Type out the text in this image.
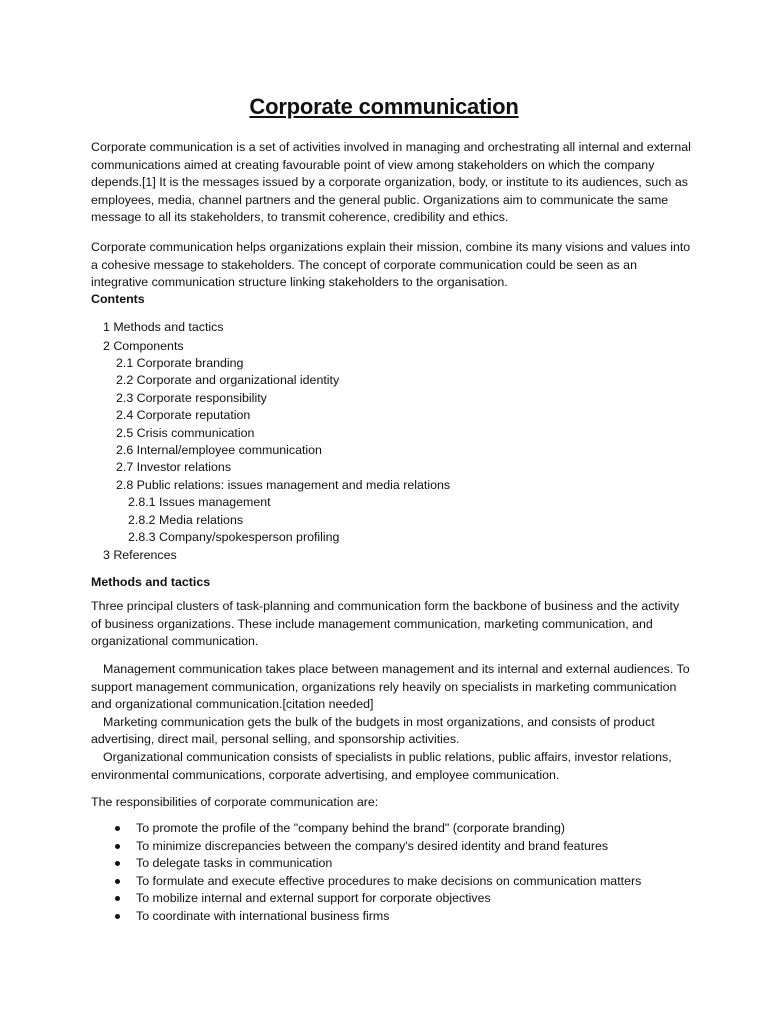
Corporate communication
Corporate communication is a set of activities involved in managing and orchestrating all internal and external communications aimed at creating favourable point of view among stakeholders on which the company depends.[1] It is the messages issued by a corporate organization, body, or institute to its audiences, such as employees, media, channel partners and the general public. Organizations aim to communicate the same message to all its stakeholders, to transmit coherence, credibility and ethics.
Corporate communication helps organizations explain their mission, combine its many visions and values into a cohesive message to stakeholders. The concept of corporate communication could be seen as an integrative communication structure linking stakeholders to the organisation.
Contents
1 Methods and tactics
2 Components
2.1 Corporate branding
2.2 Corporate and organizational identity
2.3 Corporate responsibility
2.4 Corporate reputation
2.5 Crisis communication
2.6 Internal/employee communication
2.7 Investor relations
2.8 Public relations: issues management and media relations
2.8.1 Issues management
2.8.2 Media relations
2.8.3 Company/spokesperson profiling
3 References
Methods and tactics
Three principal clusters of task-planning and communication form the backbone of business and the activity of business organizations. These include management communication, marketing communication, and organizational communication.

Management communication takes place between management and its internal and external audiences. To support management communication, organizations rely heavily on specialists in marketing communication and organizational communication.[citation needed]

Marketing communication gets the bulk of the budgets in most organizations, and consists of product advertising, direct mail, personal selling, and sponsorship activities.

Organizational communication consists of specialists in public relations, public affairs, investor relations, environmental communications, corporate advertising, and employee communication.

The responsibilities of corporate communication are:
To promote the profile of the "company behind the brand" (corporate branding)
To minimize discrepancies between the company's desired identity and brand features
To delegate tasks in communication
To formulate and execute effective procedures to make decisions on communication matters
To mobilize internal and external support for corporate objectives
To coordinate with international business firms
